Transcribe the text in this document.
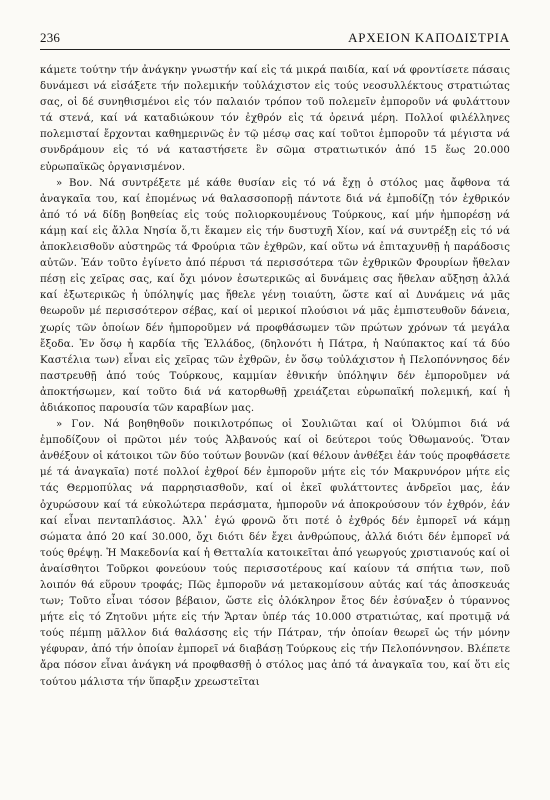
236	ΑΡΧΕΙΟΝ ΚΑΠΟΔΙΣΤΡΙΑ

κάμετε τούτην τήν ἀνάγκην γνωστήν καί εἰς τά μικρά παιδία, καί νά φροντίσετε πάσαις δυνάμεσι νά εἰσάξετε τήν πολεμικήν τοὐλάχιστον εἰς τούς νεοσυλλέκτους στρατιώτας σας, οἱ δέ συνηθισμένοι εἰς τόν παλαιόν τρόπον τοῦ πολεμεῖν ἐμποροῦν νά φυλάττουν τά στενά, καί νά καταδιώκουν τόν ἐχθρόν εἰς τά ὀρεινά μέρη. Πολλοί φιλέλληνες πολεμισταί ἔρχονται καθημερινῶς ἐν τῷ μέσῳ σας καί τοῦτοι ἐμποροῦν τά μέγιστα νά συνδράμουν εἰς τό νά καταστήσετε ἓν σῶμα στρατιωτικόν ἀπό 15 ἕως 20.000 εὐρωπαϊκῶς ὀργανισμένον.

» Βον. Νά συντρέξετε μέ κάθε θυσίαν εἰς τό νά ἔχῃ ὁ στόλος μας ἄφθονα τά ἀναγκαῖα του, καί ἐπομένως νά θαλασσοπορῇ πάντοτε διά νά ἐμποδίζῃ τόν ἐχθρικόν ἀπό τό νά δίδῃ βοηθείας εἰς τούς πολιορκουμένους Τούρκους, καί μήν ἠμπορέσῃ νά κάμῃ καί εἰς ἄλλα Νησία ὅ,τι ἔκαμεν εἰς τήν δυστυχῆ Χίον, καί νά συντρέξῃ εἰς τό νά ἀποκλεισθοῦν αὐστηρῶς τά Φρούρια τῶν ἐχθρῶν, καί οὕτω νά ἐπιταχυνθῇ ἡ παράδοσις αὐτῶν. Ἐάν τοῦτο ἐγίνετο ἀπό πέρυσι τά περισσότερα τῶν ἐχθρικῶν Φρουρίων ἤθελαν πέσῃ εἰς χεῖρας σας, καί ὄχι μόνον ἐσωτερικῶς αἱ δυνάμεις σας ἤθελαν αὔξησῃ ἀλλά καί ἐξωτερικῶς ἡ ὑπόληψίς μας ἤθελε γένῃ τοιαύτη, ὥστε καί αἱ Δυνάμεις νά μᾶς θεωροῦν μέ περισσότερον σέβας, καί οἱ μερικοί πλούσιοι νά μᾶς ἐμπιστευθοῦν δάνεια, χωρίς τῶν ὁποίων δέν ἠμποροῦμεν νά προφθάσωμεν τῶν πρώτων χρόνων τά μεγάλα ἔξοδα. Ἐν ὅσῳ ἡ καρδία τῆς Ἑλλάδος, (δηλονότι ἡ Πάτρα, ἡ Ναύπακτος καί τά δύο Καστέλια των) εἶναι εἰς χεῖρας τῶν ἐχθρῶν, ἐν ὅσῳ τοὐλάχιστον ἡ Πελοπόννησος δέν παστρευθῇ ἀπό τούς Τούρκους, καμμίαν ἐθνικήν ὑπόληψιν δέν ἐμποροῦμεν νά ἀποκτήσωμεν, καί τοῦτο διά νά κατορθωθῇ χρειάζεται εὐρωπαϊκή πολεμική, καί ἡ ἀδιάκοπος παρουσία τῶν καραβίων μας.

» Γον. Νά βοηθηθοῦν ποικιλοτρόπως οἱ Σουλιῶται καί οἱ Ὀλύμπιοι διά νά ἐμποδίζουν οἱ πρῶτοι μέν τούς Ἀλβανούς καί οἱ δεύτεροι τούς Ὀθωμανούς. Ὅταν ἀνθέξουν οἱ κάτοικοι τῶν δύο τούτων βουνῶν (καί θέλουν ἀνθέξει ἐάν τούς προφθάσετε μέ τά ἀναγκαῖα) ποτέ πολλοί ἐχθροί δέν ἐμποροῦν μήτε εἰς τόν Μακρυνόρον μήτε εἰς τάς Θερμοπύλας νά παρρησιασθοῦν, καί οἱ ἐκεῖ φυλάττοντες ἀνδρεῖοι μας, ἐάν ὀχυρώσουν καί τά εὐκολώτερα περάσματα, ἠμποροῦν νά ἀποκρούσουν τόν ἐχθρόν, ἐάν καί εἶναι πενταπλάσιος. Ἀλλ᾽ ἐγώ φρονῶ ὅτι ποτέ ὁ ἐχθρός δέν ἐμπορεῖ νά κάμῃ σώματα ἀπό 20 καί 30.000, ὄχι διότι δέν ἔχει ἀνθρώπους, ἀλλά διότι δέν ἐμπορεῖ νά τούς θρέψῃ. Ἡ Μακεδονία καί ἡ Θετταλία κατοικεῖται ἀπό γεωργούς χριστιανούς καί οἱ ἀναίσθητοι Τοῦρκοι φονεύουν τούς περισσοτέρους καί καίουν τά σπήτια των, ποῦ λοιπόν θά εὕρουν τροφάς; Πῶς ἐμποροῦν νά μετακομίσουν αὐτάς καί τάς ἀποσκευάς των; Τοῦτο εἶναι τόσον βέβαιον, ὥστε εἰς ὁλόκληρον ἔτος δέν ἐσύναξεν ὁ τύραννος μήτε εἰς τό Ζητοῦνι μήτε εἰς τήν Ἄρταν ὑπέρ τάς 10.000 στρατιώτας, καί προτιμᾷ νά τούς πέμπῃ μᾶλλον διά θαλάσσης εἰς τήν Πάτραν, τήν ὁποίαν θεωρεῖ ὡς τήν μόνην γέφυραν, ἀπό τήν ὁποίαν ἐμπορεῖ νά διαβάσῃ Τούρκους εἰς τήν Πελοπόννησον. Βλέπετε ἄρα πόσον εἶναι ἀνάγκη νά προφθασθῇ ὁ στόλος μας ἀπό τά ἀναγκαῖα του, καί ὅτι εἰς τούτου μάλιστα τήν ὕπαρξιν χρεωστεῖται
